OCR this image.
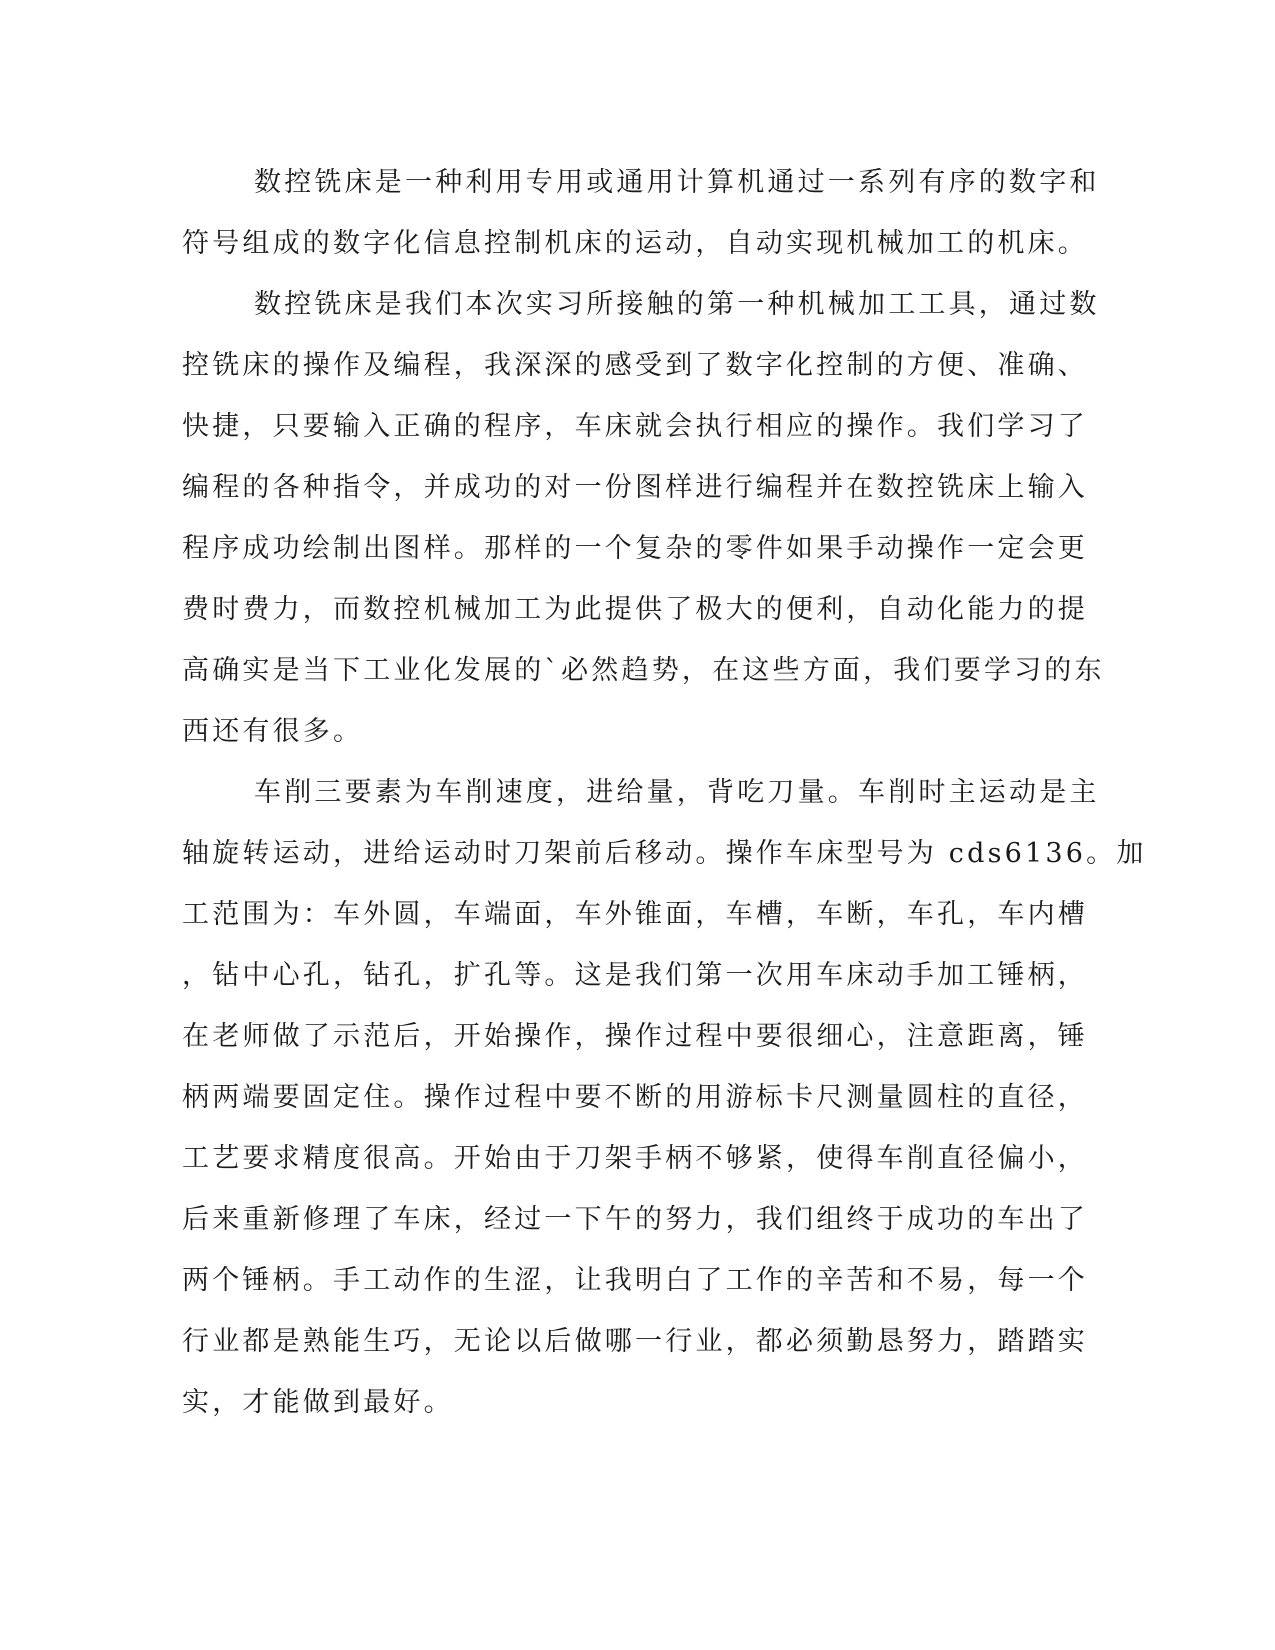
数控铣床是一种利用专用或通用计算机通过一系列有序的数字和
符号组成的数字化信息控制机床的运动，自动实现机械加工的机床。
数控铣床是我们本次实习所接触的第一种机械加工工具，通过数
控铣床的操作及编程，我深深的感受到了数字化控制的方便、准确、
快捷，只要输入正确的程序，车床就会执行相应的操作。我们学习了
编程的各种指令，并成功的对一份图样进行编程并在数控铣床上输入
程序成功绘制出图样。那样的一个复杂的零件如果手动操作一定会更
费时费力，而数控机械加工为此提供了极大的便利，自动化能力的提
高确实是当下工业化发展的`必然趋势，在这些方面，我们要学习的东
西还有很多。
车削三要素为车削速度，进给量，背吃刀量。车削时主运动是主
轴旋转运动，进给运动时刀架前后移动。操作车床型号为 cds6136。加
工范围为：车外圆，车端面，车外锥面，车槽，车断，车孔，车内槽
，钻中心孔，钻孔，扩孔等。这是我们第一次用车床动手加工锤柄，
在老师做了示范后，开始操作，操作过程中要很细心，注意距离，锤
柄两端要固定住。操作过程中要不断的用游标卡尺测量圆柱的直径，
工艺要求精度很高。开始由于刀架手柄不够紧，使得车削直径偏小，
后来重新修理了车床，经过一下午的努力，我们组终于成功的车出了
两个锤柄。手工动作的生涩，让我明白了工作的辛苦和不易，每一个
行业都是熟能生巧，无论以后做哪一行业，都必须勤恳努力，踏踏实
实，才能做到最好。
